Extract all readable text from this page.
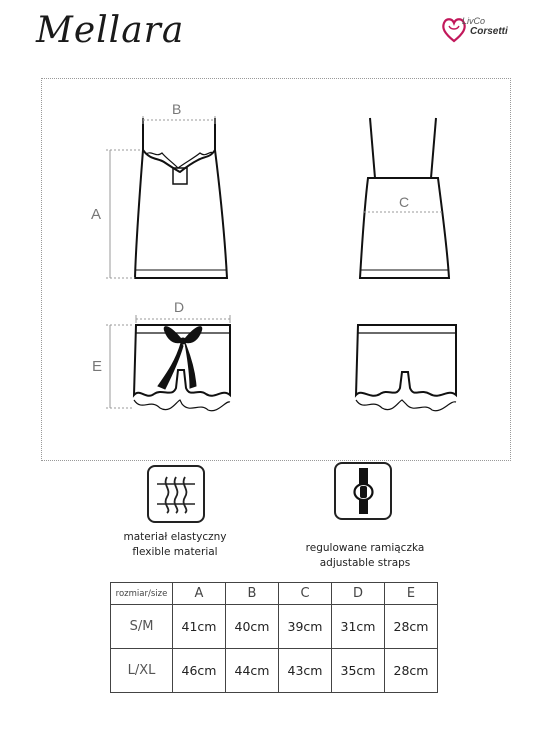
Mellara	LivCo
Corsetti
B
A
C
D
E
materiał elastyczny
flexible material	regulowane ramiączka
adjustable straps
rozmiar/size	A	B	C	D	E
S/M	41cm	40cm	39cm	31cm	28cm
L/XL	46cm	44cm	43cm	35cm	28cm
